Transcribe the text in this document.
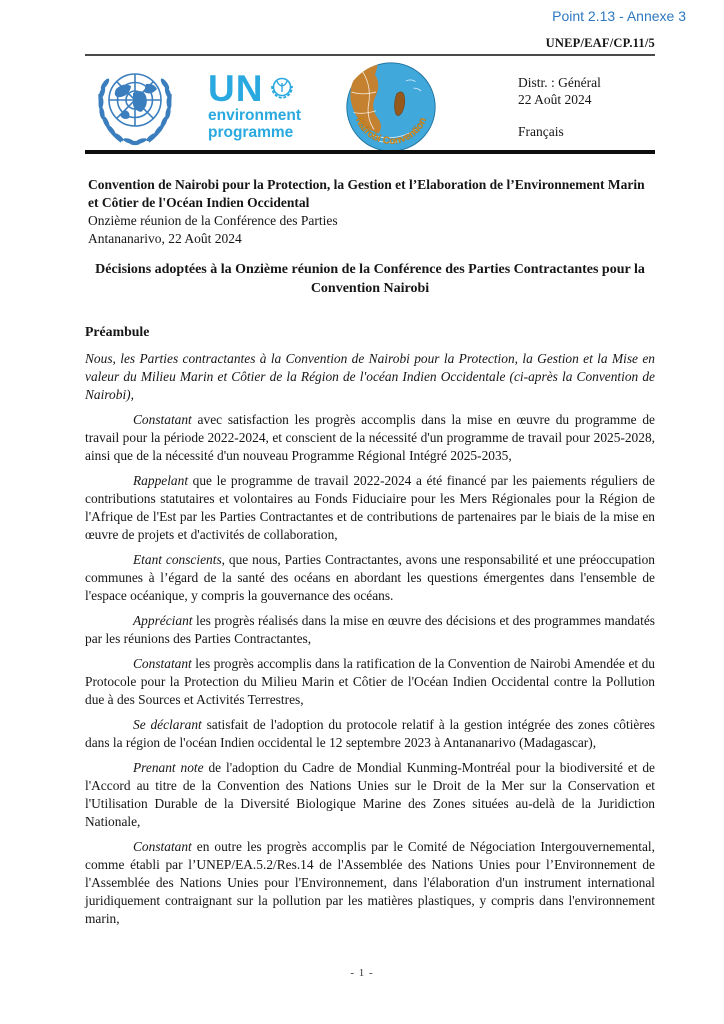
Point 2.13 - Annexe 3
UNEP/EAF/CP.11/5
UN
environment
programme
Nairobi Convention
Distr. : Général
22 Août 2024
Français

Convention de Nairobi pour la Protection, la Gestion et l’Elaboration de l’Environnement Marin et Côtier de l'Océan Indien Occidental

Onzième réunion de la Conférence des Parties

Antananarivo, 22 Août 2024

Décisions adoptées à la Onzième réunion de la Conférence des Parties Contractantes pour la Convention Nairobi

Préambule

Nous, les Parties contractantes à la Convention de Nairobi pour la Protection, la Gestion et la Mise en valeur du Milieu Marin et Côtier de la Région de l'océan Indien Occidentale (ci-après la Convention de Nairobi),

Constatant avec satisfaction les progrès accomplis dans la mise en œuvre du programme de travail pour la période 2022-2024, et conscient de la nécessité d'un programme de travail pour 2025-2028, ainsi que de la nécessité d'un nouveau Programme Régional Intégré 2025-2035,

Rappelant que le programme de travail 2022-2024 a été financé par les paiements réguliers de contributions statutaires et volontaires au Fonds Fiduciaire pour les Mers Régionales pour la Région de l'Afrique de l'Est par les Parties Contractantes et de contributions de partenaires par le biais de la mise en œuvre de projets et d'activités de collaboration,

Etant conscients, que nous, Parties Contractantes, avons une responsabilité et une préoccupation communes à l’égard de la santé des océans en abordant les questions émergentes dans l'ensemble de l'espace océanique, y compris la gouvernance des océans.

Appréciant les progrès réalisés dans la mise en œuvre des décisions et des programmes mandatés par les réunions des Parties Contractantes,

Constatant les progrès accomplis dans la ratification de la Convention de Nairobi Amendée et du Protocole pour la Protection du Milieu Marin et Côtier de l'Océan Indien Occidental contre la Pollution due à des Sources et Activités Terrestres,

Se déclarant satisfait de l'adoption du protocole relatif à la gestion intégrée des zones côtières dans la région de l'océan Indien occidental le 12 septembre 2023 à Antananarivo (Madagascar),

Prenant note de l'adoption du Cadre de Mondial Kunming-Montréal pour la biodiversité et de l'Accord au titre de la Convention des Nations Unies sur le Droit de la Mer sur la Conservation et l'Utilisation Durable de la Diversité Biologique Marine des Zones situées au-delà de la Juridiction Nationale,

Constatant en outre les progrès accomplis par le Comité de Négociation Intergouvernemental, comme établi par l’UNEP/EA.5.2/Res.14 de l'Assemblée des Nations Unies pour l’Environnement de l'Assemblée des Nations Unies pour l'Environnement, dans l'élaboration d'un instrument international juridiquement contraignant sur la pollution par les matières plastiques, y compris dans l'environnement marin,

- 1 -
